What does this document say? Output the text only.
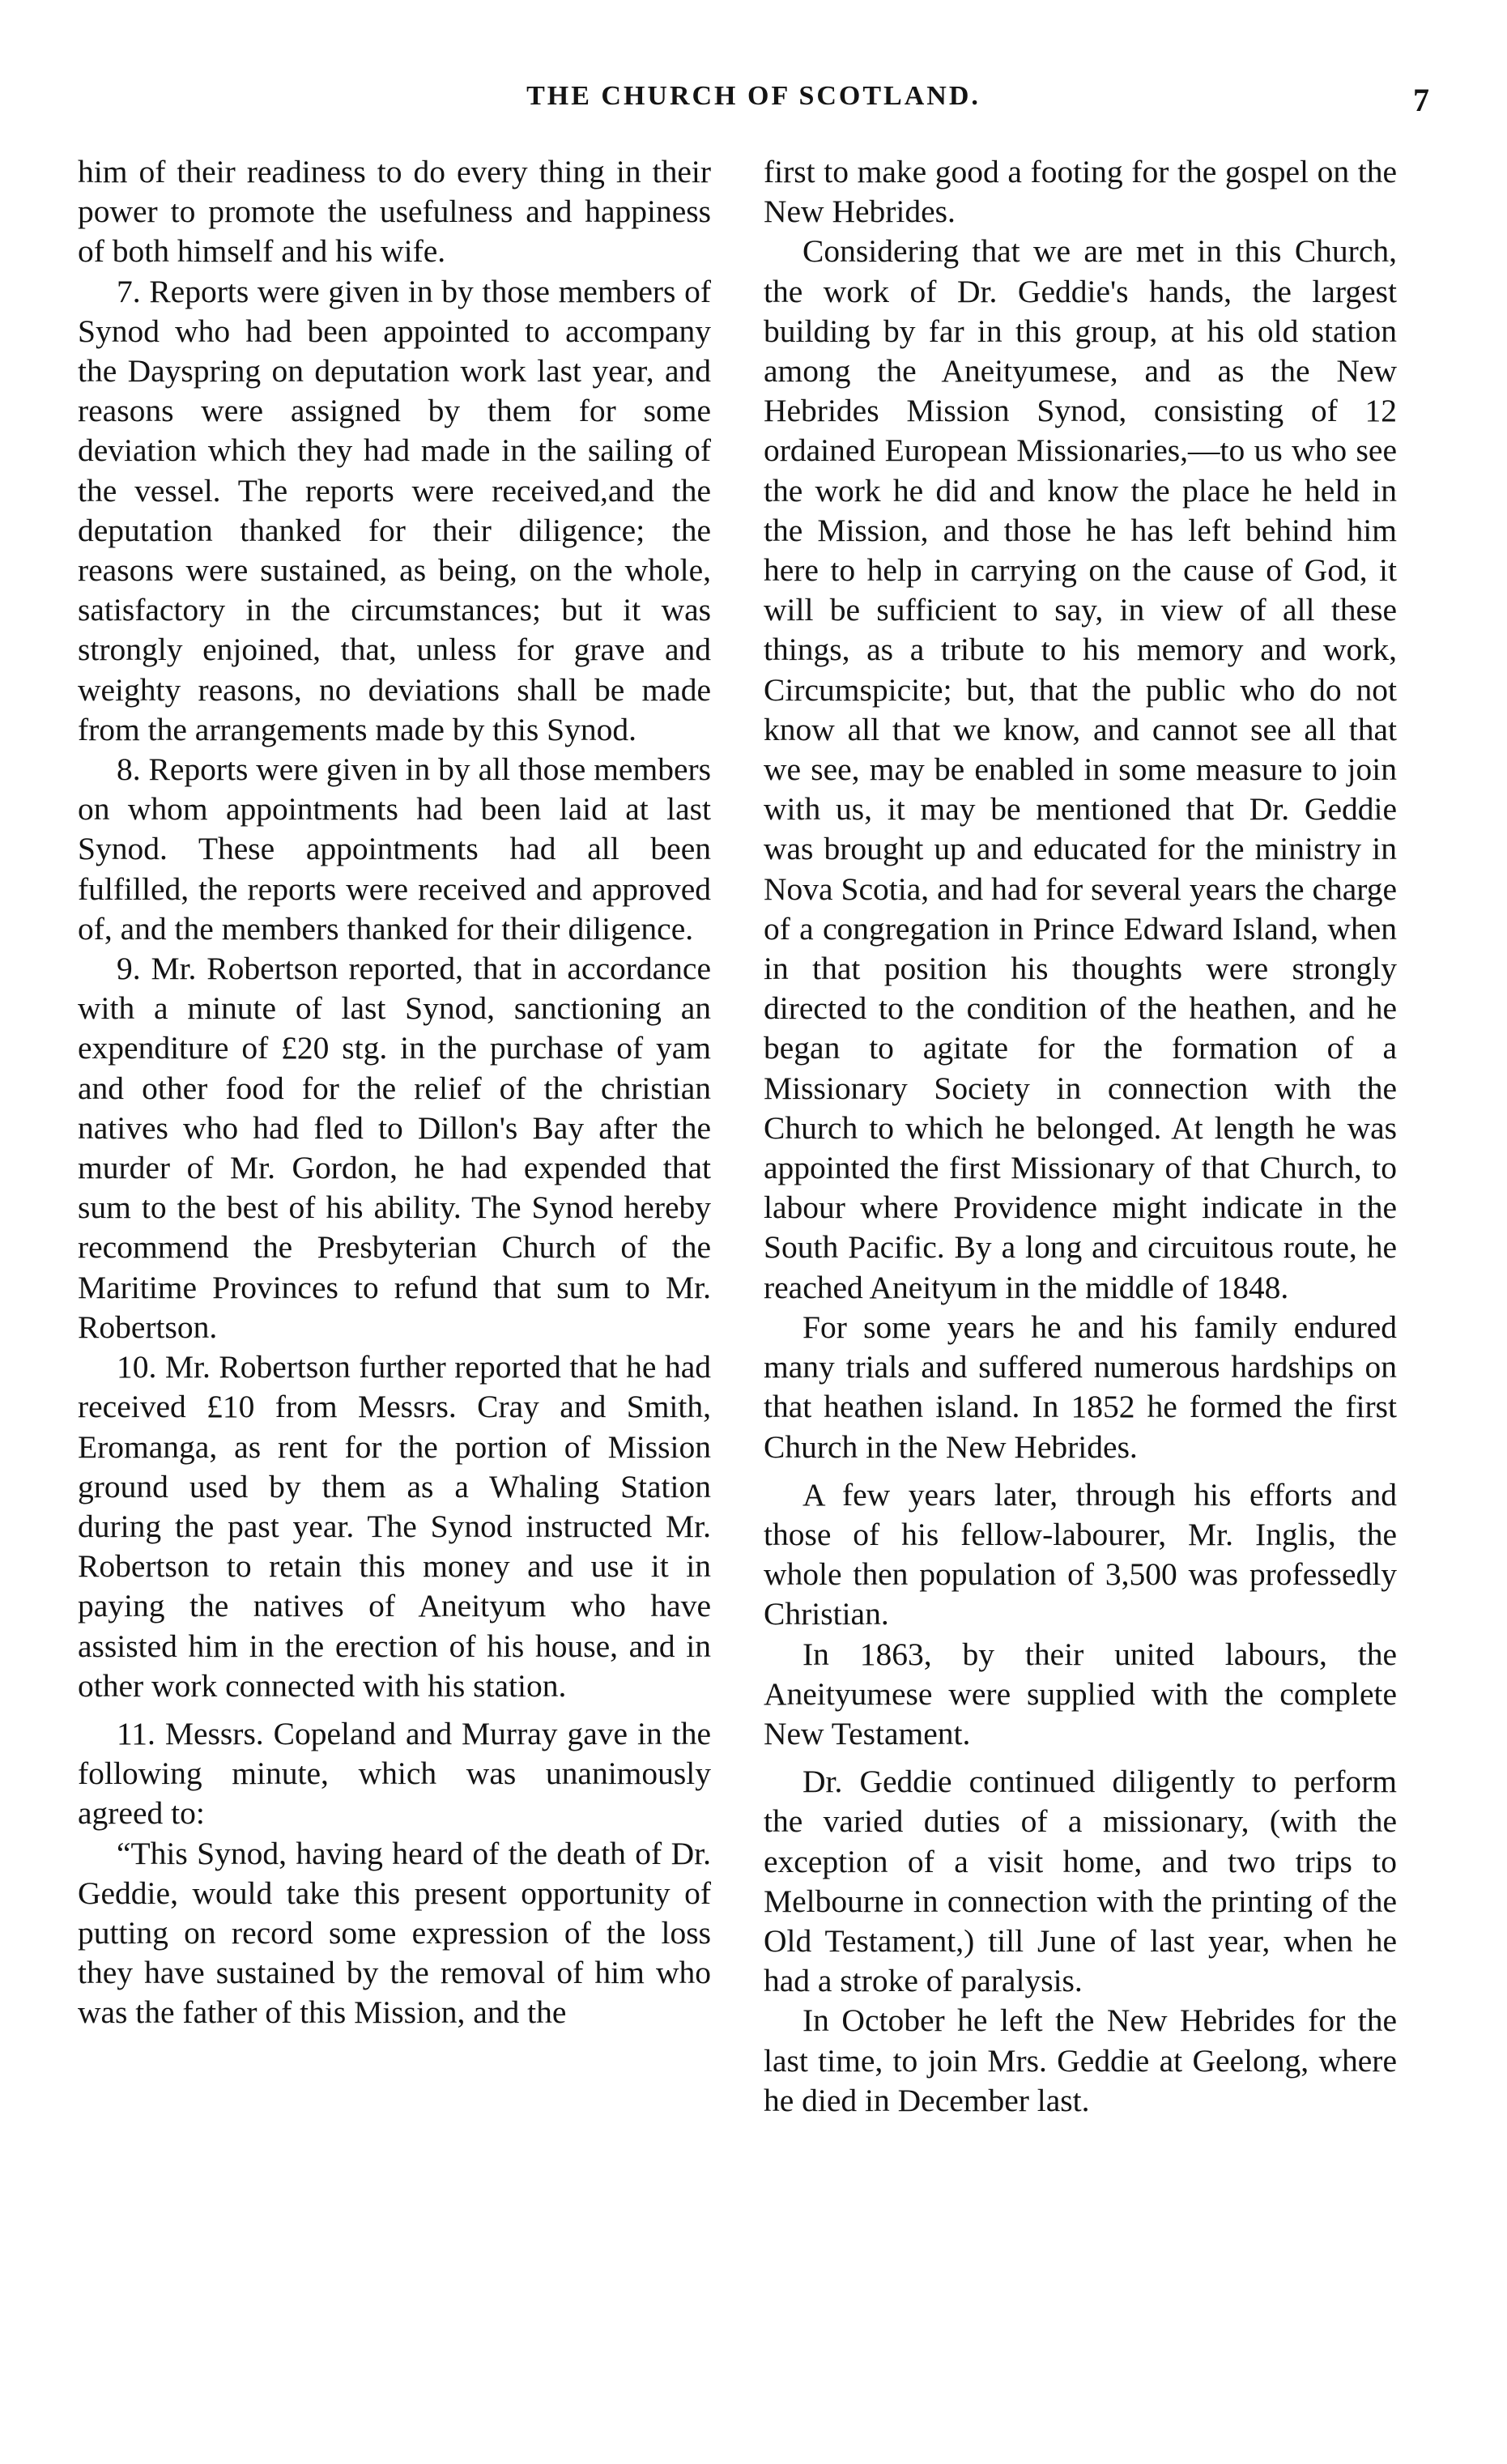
THE CHURCH OF SCOTLAND.	7

him of their readiness to do every thing in their power to promote the usefulness and happiness of both himself and his wife.

7. Reports were given in by those members of Synod who had been appointed to accompany the Dayspring on deputation work last year, and reasons were assigned by them for some deviation which they had made in the sailing of the vessel. The reports were received,and the deputation thanked for their diligence; the reasons were sustained, as being, on the whole, satisfactory in the circumstances; but it was strongly enjoined, that, unless for grave and weighty reasons, no deviations shall be made from the arrangements made by this Synod.

8. Reports were given in by all those members on whom appointments had been laid at last Synod. These appointments had all been fulfilled, the reports were received and approved of, and the members thanked for their diligence.

9. Mr. Robertson reported, that in accordance with a minute of last Synod, sanctioning an expenditure of £20 stg. in the purchase of yam and other food for the relief of the christian natives who had fled to Dillon's Bay after the murder of Mr. Gordon, he had expended that sum to the best of his ability. The Synod hereby recommend the Presbyterian Church of the Maritime Provinces to refund that sum to Mr. Robertson.

10. Mr. Robertson further reported that he had received £10 from Messrs. Cray and Smith, Eromanga, as rent for the portion of Mission ground used by them as a Whaling Station during the past year. The Synod instructed Mr. Robertson to retain this money and use it in paying the natives of Aneityum who have assisted him in the erection of his house, and in other work connected with his station.

11. Messrs. Copeland and Murray gave in the following minute, which was unanimously agreed to:

“This Synod, having heard of the death of Dr. Geddie, would take this present opportunity of putting on record some expression of the loss they have sustained by the removal of him who was the father of this Mission, and the

first to make good a footing for the gospel on the New Hebrides.

Considering that we are met in this Church, the work of Dr. Geddie's hands, the largest building by far in this group, at his old station among the Aneityumese, and as the New Hebrides Mission Synod, consisting of 12 ordained European Missionaries,—to us who see the work he did and know the place he held in the Mission, and those he has left behind him here to help in carrying on the cause of God, it will be sufficient to say, in view of all these things, as a tribute to his memory and work, Circumspicite; but, that the public who do not know all that we know, and cannot see all that we see, may be enabled in some measure to join with us, it may be mentioned that Dr. Geddie was brought up and educated for the ministry in Nova Scotia, and had for several years the charge of a congregation in Prince Edward Island, when in that position his thoughts were strongly directed to the condition of the heathen, and he began to agitate for the formation of a Missionary Society in connection with the Church to which he belonged. At length he was appointed the first Missionary of that Church, to labour where Providence might indicate in the South Pacific. By a long and circuitous route, he reached Aneityum in the middle of 1848.

For some years he and his family endured many trials and suffered numerous hardships on that heathen island. In 1852 he formed the first Church in the New Hebrides.

A few years later, through his efforts and those of his fellow-labourer, Mr. Inglis, the whole then population of 3,500 was professedly Christian.

In 1863, by their united labours, the Aneityumese were supplied with the complete New Testament.

Dr. Geddie continued diligently to perform the varied duties of a missionary, (with the exception of a visit home, and two trips to Melbourne in connection with the printing of the Old Testament,) till June of last year, when he had a stroke of paralysis.

In October he left the New Hebrides for the last time, to join Mrs. Geddie at Geelong, where he died in December last.
